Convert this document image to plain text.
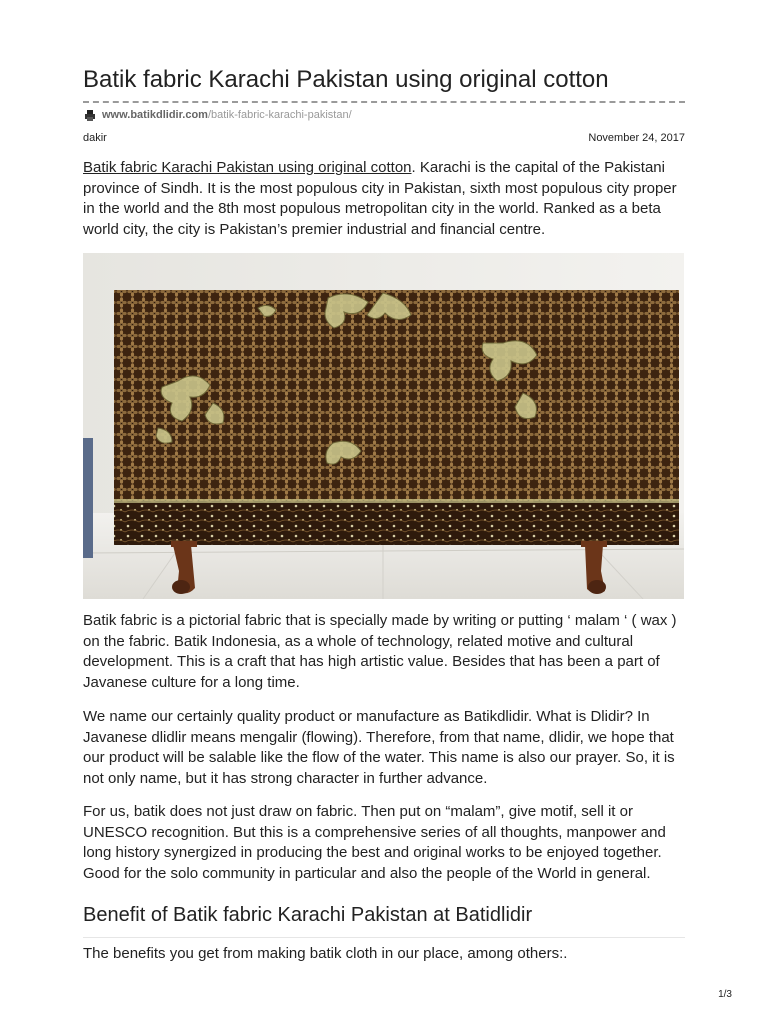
Batik fabric Karachi Pakistan using original cotton
www.batikdlidir.com /batik-fabric-karachi-pakistan/
dakir	November 24, 2017

Batik fabric Karachi Pakistan using original cotton. Karachi is the capital of the Pakistani province of Sindh. It is the most populous city in Pakistan, sixth most populous city proper in the world and the 8th most populous metropolitan city in the world. Ranked as a beta world city, the city is Pakistan’s premier industrial and financial centre.

Batik fabric is a pictorial fabric that is specially made by writing or putting ‘ malam ‘ ( wax ) on the fabric. Batik Indonesia, as a whole of technology, related motive and cultural development. This is a craft that has high artistic value. Besides that has been a part of Javanese culture for a long time.

We name our certainly quality product or manufacture as Batikdlidir. What is Dlidir? In Javanese dlidlir means mengalir (flowing). Therefore, from that name, dlidir, we hope that our product will be salable like the flow of the water. This name is also our prayer. So, it is not only name, but it has strong character in further advance.

For us, batik does not just draw on fabric. Then put on “malam”, give motif, sell it or UNESCO recognition. But this is a comprehensive series of all thoughts, manpower and long history synergized in producing the best and original works to be enjoyed together. Good for the solo community in particular and also the people of the World in general.

Benefit of Batik fabric Karachi Pakistan at Batidlidir

The benefits you get from making batik cloth in our place, among others:.

1/3
